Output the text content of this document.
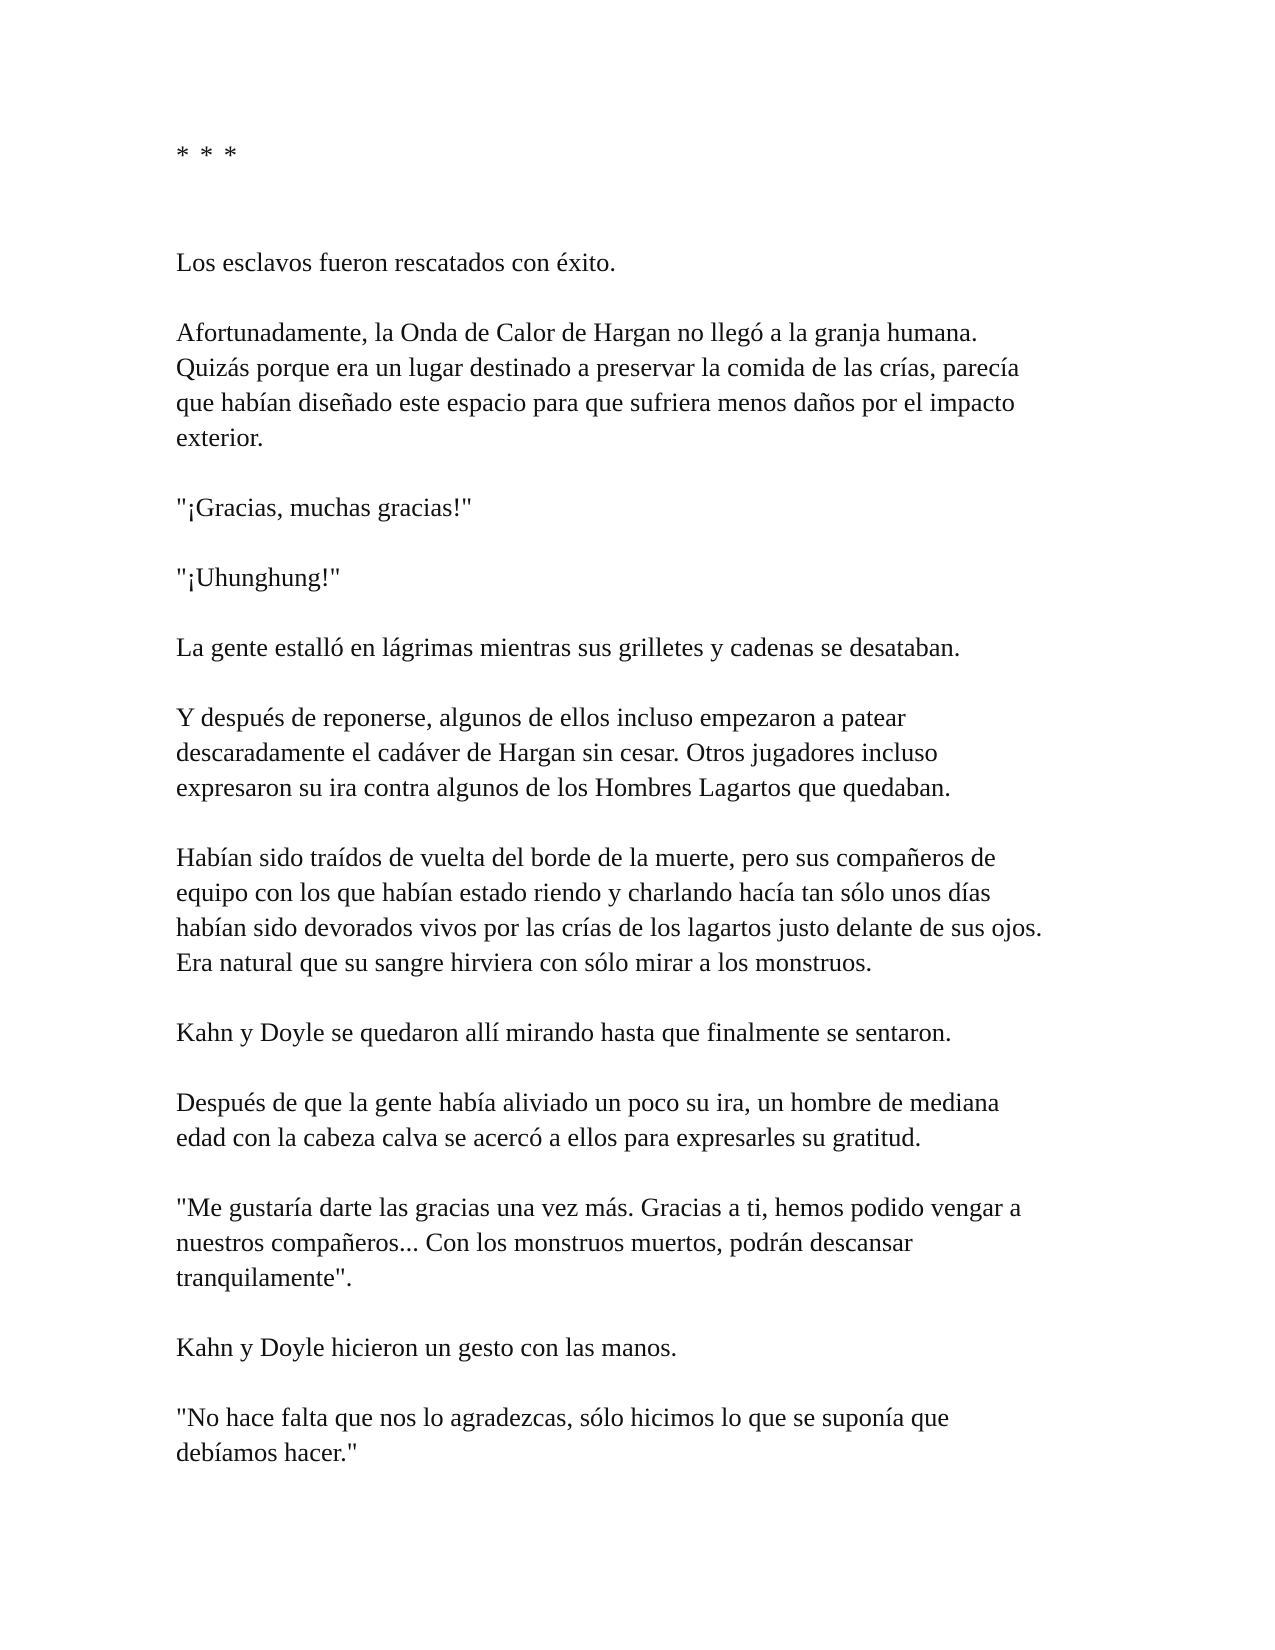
* * *

Los esclavos fueron rescatados con éxito.

Afortunadamente, la Onda de Calor de Hargan no llegó a la granja humana.
Quizás porque era un lugar destinado a preservar la comida de las crías, parecía
que habían diseñado este espacio para que sufriera menos daños por el impacto
exterior.

"¡Gracias, muchas gracias!"

"¡Uhunghung!"

La gente estalló en lágrimas mientras sus grilletes y cadenas se desataban.

Y después de reponerse, algunos de ellos incluso empezaron a patear
descaradamente el cadáver de Hargan sin cesar. Otros jugadores incluso
expresaron su ira contra algunos de los Hombres Lagartos que quedaban.

Habían sido traídos de vuelta del borde de la muerte, pero sus compañeros de
equipo con los que habían estado riendo y charlando hacía tan sólo unos días
habían sido devorados vivos por las crías de los lagartos justo delante de sus ojos.
Era natural que su sangre hirviera con sólo mirar a los monstruos.

Kahn y Doyle se quedaron allí mirando hasta que finalmente se sentaron.

Después de que la gente había aliviado un poco su ira, un hombre de mediana
edad con la cabeza calva se acercó a ellos para expresarles su gratitud.

"Me gustaría darte las gracias una vez más. Gracias a ti, hemos podido vengar a
nuestros compañeros... Con los monstruos muertos, podrán descansar
tranquilamente".

Kahn y Doyle hicieron un gesto con las manos.

"No hace falta que nos lo agradezcas, sólo hicimos lo que se suponía que
debíamos hacer."
